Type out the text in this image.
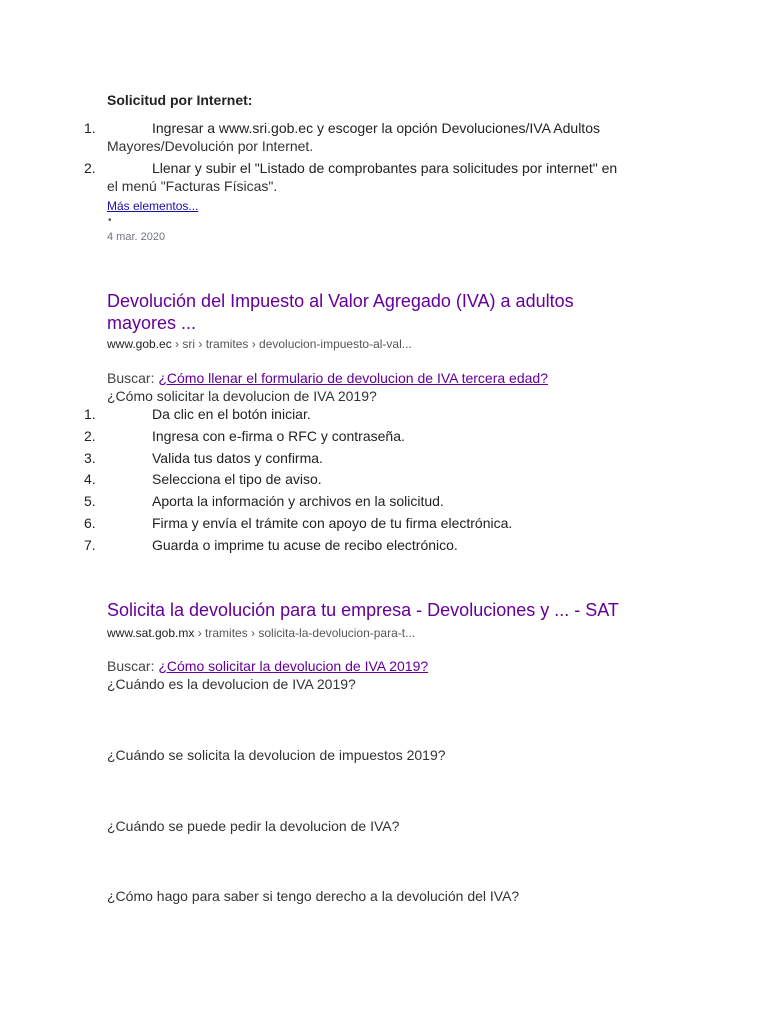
Solicitud por Internet:
1.	Ingresar a www.sri.gob.ec y escoger la opción Devoluciones/IVA Adultos
Mayores/Devolución por Internet.
2.	Llenar y subir el "Listado de comprobantes para solicitudes por internet" en
el menú "Facturas Físicas".
Más elementos...
•
4 mar. 2020
Devolución del Impuesto al Valor Agregado (IVA) a adultos
mayores ...
www.gob.ec › sri › tramites › devolucion-impuesto-al-val...
Buscar: ¿Cómo llenar el formulario de devolucion de IVA tercera edad?
¿Cómo solicitar la devolucion de IVA 2019?
1.	Da clic en el botón iniciar.
2.	Ingresa con e-firma o RFC y contraseña.
3.	Valida tus datos y confirma.
4.	Selecciona el tipo de aviso.
5.	Aporta la información y archivos en la solicitud.
6.	Firma y envía el trámite con apoyo de tu firma electrónica.
7.	Guarda o imprime tu acuse de recibo electrónico.
Solicita la devolución para tu empresa - Devoluciones y ... - SAT
www.sat.gob.mx › tramites › solicita-la-devolucion-para-t...
Buscar: ¿Cómo solicitar la devolucion de IVA 2019?
¿Cuándo es la devolucion de IVA 2019?
¿Cuándo se solicita la devolucion de impuestos 2019?
¿Cuándo se puede pedir la devolucion de IVA?
¿Cómo hago para saber si tengo derecho a la devolución del IVA?
